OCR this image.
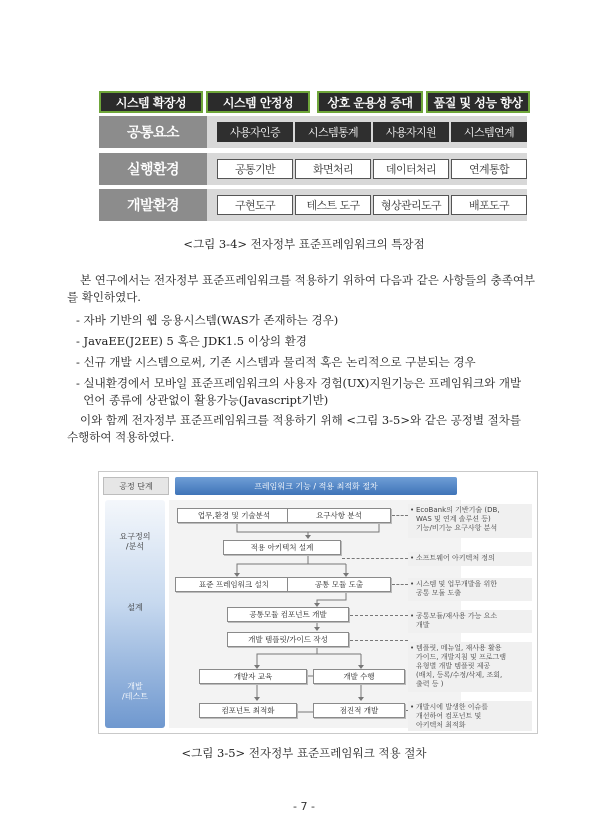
시스템 확장성	시스템 안정성	상호 운용성 증대	품질 및 성능 향상
공통요소	사용자인증	시스템통계	사용자지원	시스템연계
실행환경	공통기반	화면처리	데이터처리	연계통합
개발환경	구현도구	테스트 도구	형상관리도구	배포도구
<그림 3-4> 전자정부 표준프레임워크의 특장점
본 연구에서는 전자정부 표준프레임워크를 적용하기 위하여 다음과 같은 사항들의 충족여부
를 확인하였다.
- 자바 기반의 웹 응용시스템(WAS가 존재하는 경우)
- JavaEE(J2EE) 5 혹은 JDK1.5 이상의 환경
- 신규 개발 시스템으로써, 기존 시스템과 물리적 혹은 논리적으로 구분되는 경우
- 실내환경에서 모바일 표준프레임워크의 사용자 경험(UX)지원기능은 프레임워크와 개발
언어 종류에 상관없이 활용가능(Javascript기반)
이와 함께 전자정부 표준프레임워크를 적용하기 위해 <그림 3-5>와 같은 공정별 절차를
수행하여 적용하였다.
공정 단계	프레임워크 기능 / 적용 최적화 절차
요구정의
/분석
설계
개발
/테스트
업무,환경 및 기술분석	요구사항 분석
적용 아키텍처 설계
표준 프레임워크 설치	공통 모듈 도출
공통모듈 컴포넌트 개발
개발 템플릿/가이드 작성
개발자 교육	개발 수행
컴포넌트 최적화	점진적 개발
• EcoBank의 기반기술 (DB,
WAS 및 연계 솔루션 등)
기능/비기능 요구사항 분석
• 소프트웨어 아키텍처 정의
• 시스템 및 업무개발을 위한
공통 모듈 도출
• 공통모듈/재사용 가능 요소
개발
• 템플릿, 메뉴얼, 재사용 활용
가이드, 개발지침 및 프로그램
유형별 개발 템플릿 제공
(배치, 등록/수정/삭제, 조회,
출력 등 )
• 개발시에 발생한 이슈를
개선하여 컴포넌트 및
아키텍처 최적화
<그림 3-5> 전자정부 표준프레임워크 적용 절차
- 7 -
